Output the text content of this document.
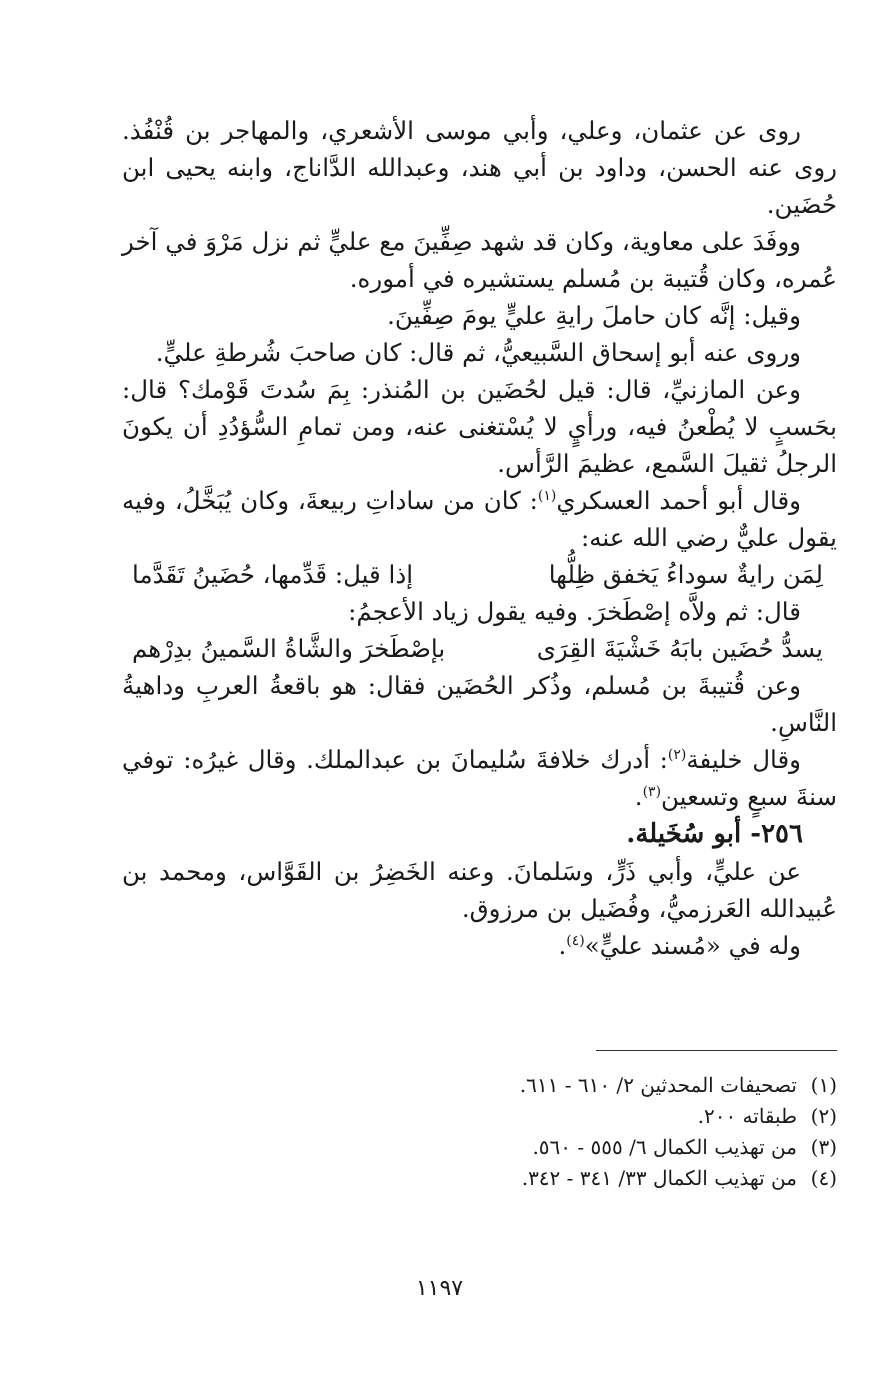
روى عن عثمان، وعلي، وأبي موسى الأشعري، والمهاجر بن قُنْفُذ. روى عنه الحسن، وداود بن أبي هند، وعبدالله الدَّاناج، وابنه يحيى ابن حُضَين.

ووفَدَ على معاوية، وكان قد شهد صِفِّينَ مع عليٍّ ثم نزل مَرْوَ في آخر عُمره، وكان قُتيبة بن مُسلم يستشيره في أموره.

وقيل: إنَّه كان حاملَ رايةِ عليٍّ يومَ صِفِّينَ.

وروى عنه أبو إسحاق السَّبيعيُّ، ثم قال: كان صاحبَ شُرطةِ عليٍّ.

وعن المازنيِّ، قال: قيل لحُضَين بن المُنذر: بِمَ سُدتَ قَوْمك؟ قال: بحَسبٍ لا يُطْعنُ فيه، ورأيٍ لا يُسْتغنى عنه، ومن تمامِ السُّؤدُدِ أن يكونَ الرجلُ ثقيلَ السَّمع، عظيمَ الرَّأس.

وقال أبو أحمد العسكري$^{(١)}$: كان من ساداتِ ربيعةَ، وكان يُبَخَّلُ، وفيه يقول عليٌّ رضي الله عنه:

لِمَن رايةٌ سوداءُ يَخفق ظِلُّها
إذا قيل: قَدِّمها، حُضَينُ تَقَدَّما

قال: ثم ولاَّه إصْطَخرَ. وفيه يقول زياد الأعجمُ:

يسدُّ حُضَين بابَهُ خَشْيَةَ القِرَى
بإصْطَخرَ والشَّاةُ السَّمينُ بدِرْهم

وعن قُتيبةَ بن مُسلم، وذُكر الحُضَين فقال: هو باقعةُ العربِ وداهيةُ النَّاسِ.

وقال خليفة$^{(٢)}$: أدرك خلافةَ سُليمانَ بن عبدالملك. وقال غيرُه: توفي سنةَ سبعٍ وتسعين$^{(٣)}$.

٢٥٦- أبو سُخَيلة.

عن عليٍّ، وأبي ذَرٍّ، وسَلمانَ. وعنه الخَضِرُ بن القَوَّاس، ومحمد بن عُبيدالله العَرزميُّ، وفُضَيل بن مرزوق.

وله في «مُسند عليٍّ»$^{(٤)}$.

(١)تصحيفات المحدثين ٢/ ٦١٠ - ٦١١.

(٢)طبقاته ٢٠٠.

(٣)من تهذيب الكمال ٦/ ٥٥٥ - ٥٦٠.

(٤)من تهذيب الكمال ٣٣/ ٣٤١ - ٣٤٢.

١١٩٧
